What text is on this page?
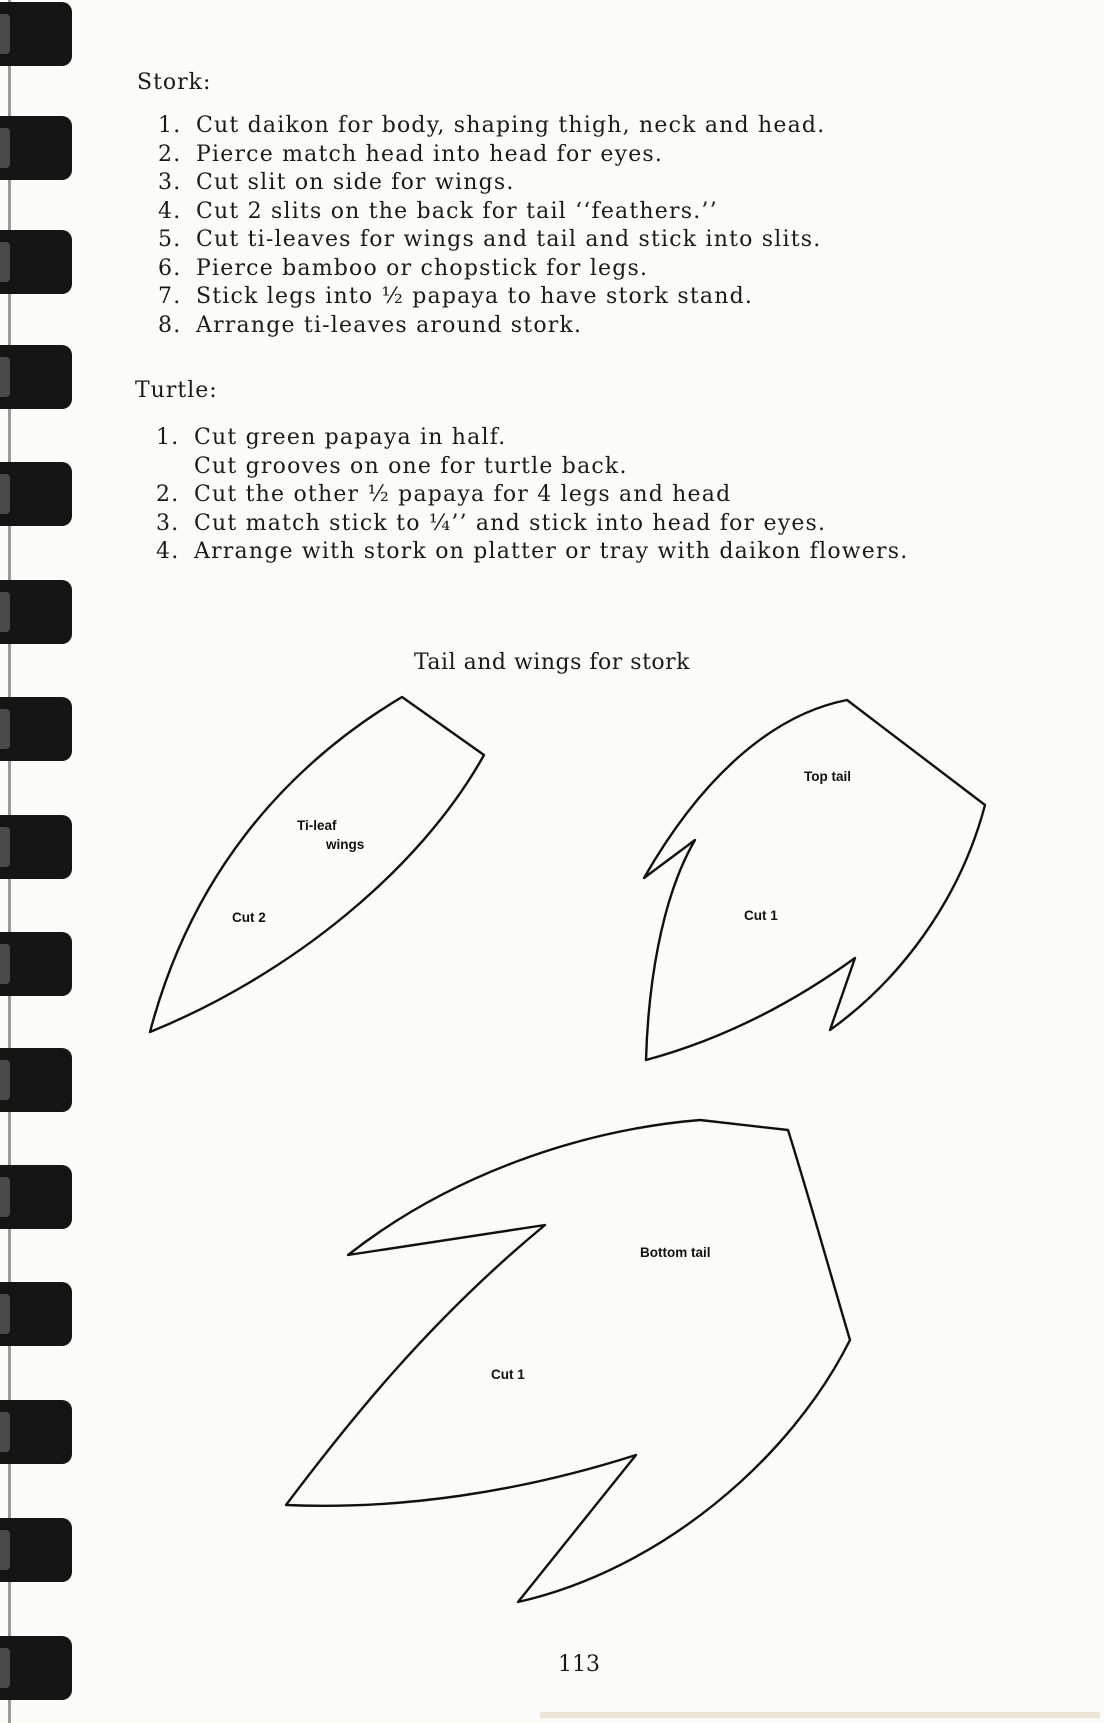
Stork:
1. Cut daikon for body, shaping thigh, neck and head.
2. Pierce match head into head for eyes.
3. Cut slit on side for wings.
4. Cut 2 slits on the back for tail ‘‘feathers.’’
5. Cut ti-leaves for wings and tail and stick into slits.
6. Pierce bamboo or chopstick for legs.
7. Stick legs into ½ papaya to have stork stand.
8. Arrange ti-leaves around stork.
Turtle:
1. Cut green papaya in half.
Cut grooves on one for turtle back.
2. Cut the other ½ papaya for 4 legs and head
3. Cut match stick to ¼’’ and stick into head for eyes.
4. Arrange with stork on platter or tray with daikon flowers.
Tail and wings for stork
Ti-leaf
wings
Cut 2
Top tail
Cut 1
Bottom tail
Cut 1
113
